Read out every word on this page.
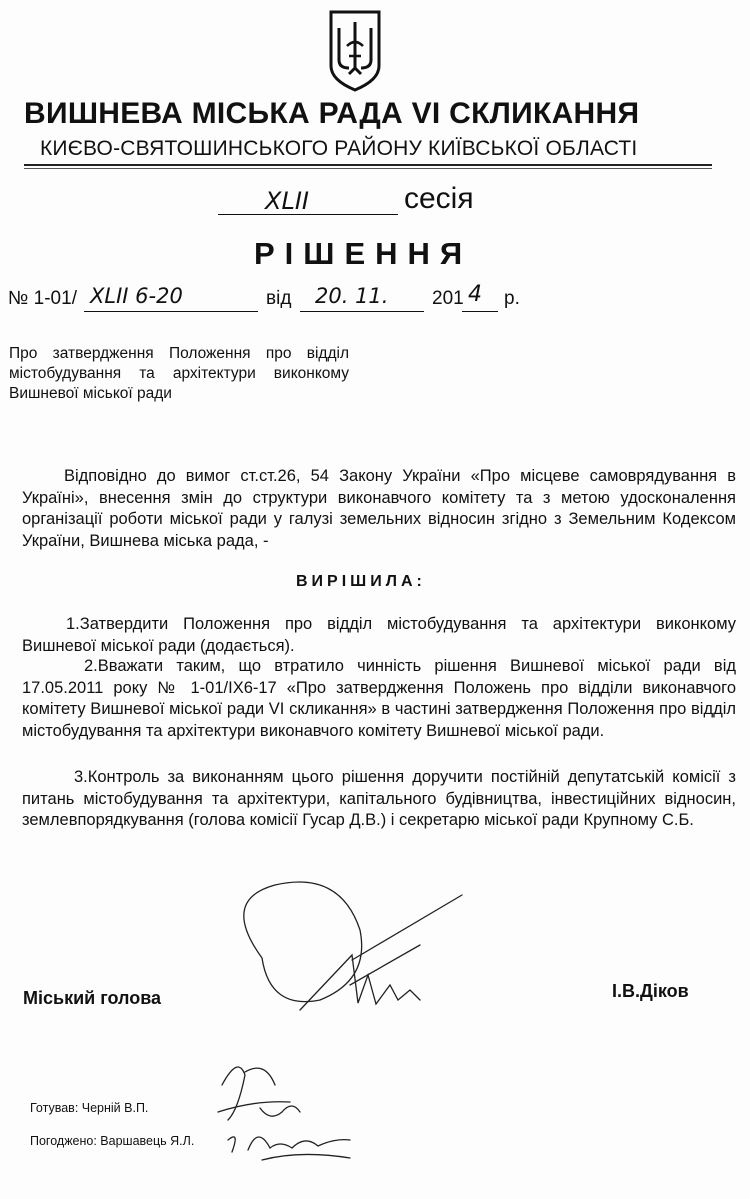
ВИШНЕВА МІСЬКА РАДА VI СКЛИКАННЯ
КИЄВО-СВЯТОШИНСЬКОГО РАЙОНУ КИЇВСЬКОЇ ОБЛАСТІ
XLII	сесія
РІШЕННЯ
№ 1-01/ XLII 6-20	від 20. 11. 201 4 р.
Про затвердження Положення про відділ містобудування та архітектури виконкому Вишневої міської ради
Відповідно до вимог ст.ст.26, 54 Закону України «Про місцеве самоврядування в Україні», внесення змін до структури виконавчого комітету та з метою удосконалення організації роботи міської ради у галузі земельних відносин згідно з Земельним Кодексом України, Вишнева міська рада, -
ВИРІШИЛА:
1.Затвердити Положення про відділ містобудування та архітектури виконкому Вишневої міської ради (додається).
2.Вважати таким, що втратило чинність рішення Вишневої міської ради від 17.05.2011 року № 1-01/IX6-17 «Про затвердження Положень про відділи виконавчого комітету Вишневої міської ради VI скликання» в частині затвердження Положення про відділ містобудування та архітектури виконавчого комітету Вишневої міської ради.
3.Контроль за виконанням цього рішення доручити постійній депутатській комісії з питань містобудування та архітектури, капітального будівництва, інвестиційних відносин, землевпорядкування (голова комісії Гусар Д.В.) і секретарю міської ради Крупному С.Б.
Міський голова	І.В.Діков
Готував: Черній В.П.
Погоджено: Варшавець Я.Л.
